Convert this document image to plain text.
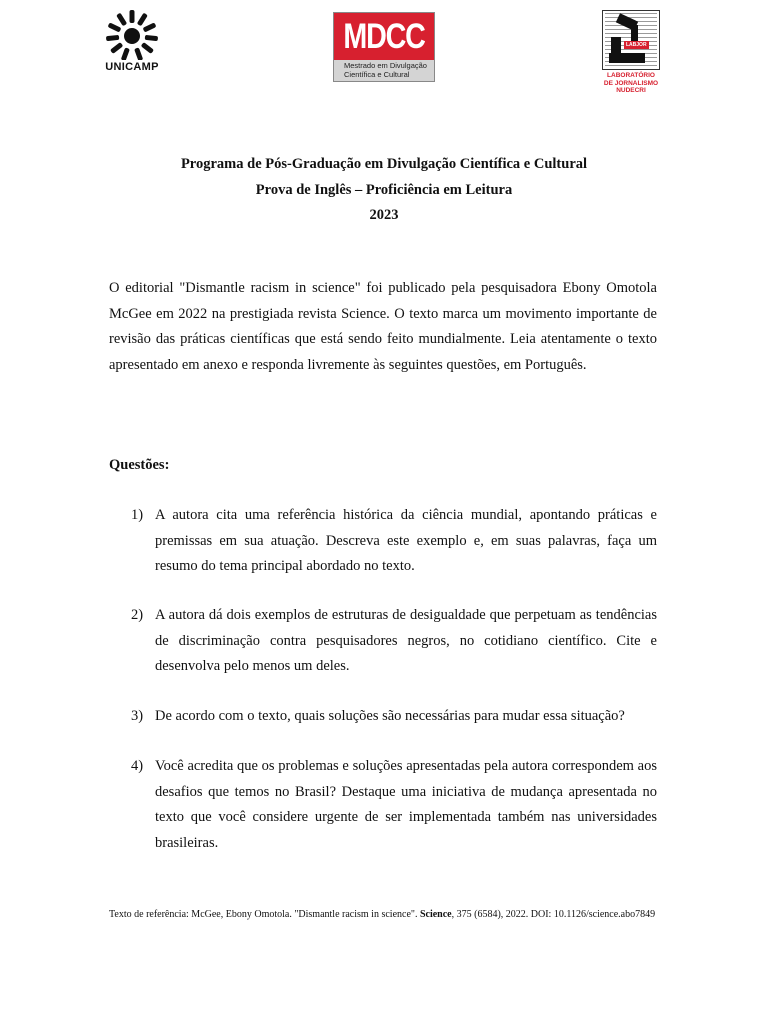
UNICAMP
MDCC
Mestrado em Divulgação
Científica e Cultural
LABJOR
LABORATÓRIO
DE JORNALISMO
NUDECRI
Programa de Pós-Graduação em Divulgação Científica e Cultural
Prova de Inglês – Proficiência em Leitura
2023
O editorial "Dismantle racism in science" foi publicado pela pesquisadora Ebony Omotola McGee em 2022 na prestigiada revista Science. O texto marca um movimento importante de revisão das práticas científicas que está sendo feito mundialmente. Leia atentamente o texto apresentado em anexo e responda livremente às seguintes questões, em Português.
Questões:
1) A autora cita uma referência histórica da ciência mundial, apontando práticas e premissas em sua atuação. Descreva este exemplo e, em suas palavras, faça um resumo do tema principal abordado no texto.
2) A autora dá dois exemplos de estruturas de desigualdade que perpetuam as tendências de discriminação contra pesquisadores negros, no cotidiano científico. Cite e desenvolva pelo menos um deles.
3) De acordo com o texto, quais soluções são necessárias para mudar essa situação?
4) Você acredita que os problemas e soluções apresentadas pela autora correspondem aos desafios que temos no Brasil? Destaque uma iniciativa de mudança apresentada no texto que você considere urgente de ser implementada também nas universidades brasileiras.
Texto de referência: McGee, Ebony Omotola. "Dismantle racism in science". Science, 375 (6584), 2022. DOI: 10.1126/science.abo7849
